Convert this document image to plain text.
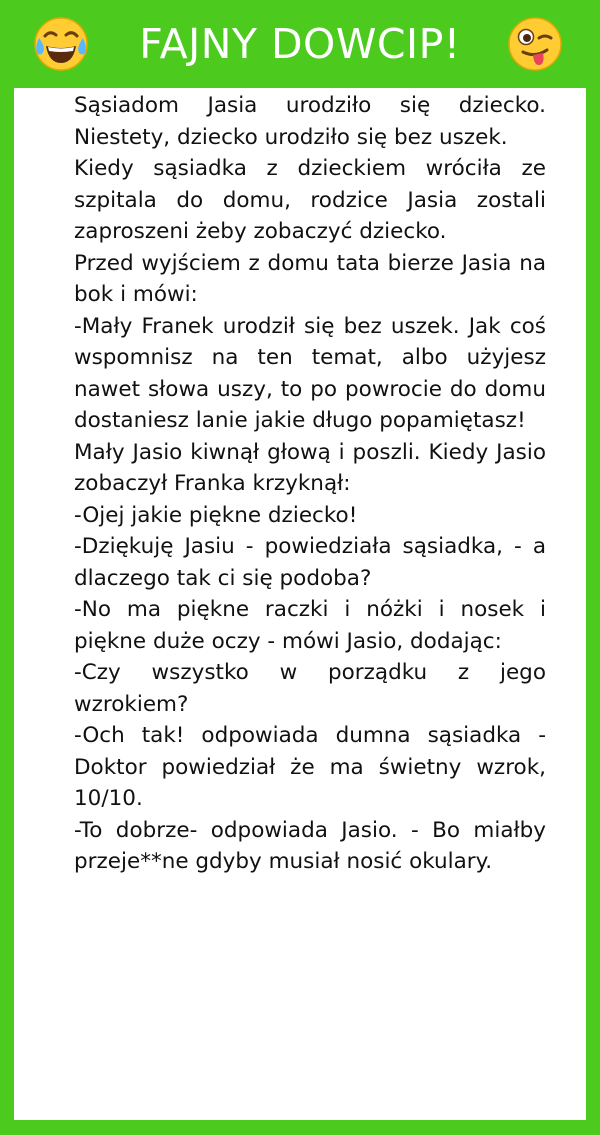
FAJNY DOWCIP!

Sąsiadom Jasia urodziło się dziecko. Niestety, dziecko urodziło się bez uszek.

Kiedy sąsiadka z dzieckiem wróciła ze szpitala do domu, rodzice Jasia zostali zaproszeni żeby zobaczyć dziecko.

Przed wyjściem z domu tata bierze Jasia na bok i mówi:

-Mały Franek urodził się bez uszek. Jak coś wspomnisz na ten temat, albo użyjesz nawet słowa uszy, to po powrocie do domu dostaniesz lanie jakie długo popamiętasz!

Mały Jasio kiwnął głową i poszli. Kiedy Jasio zobaczył Franka krzyknął:

-Ojej jakie piękne dziecko!

-Dziękuję Jasiu - powiedziała sąsiadka, - a dlaczego tak ci się podoba?

-No ma piękne raczki i nóżki i nosek i piękne duże oczy - mówi Jasio, dodając:

-Czy wszystko w porządku z jego wzrokiem?

-Och tak! odpowiada dumna sąsiadka - Doktor powiedział że ma świetny wzrok, 10/10.

-To dobrze- odpowiada Jasio. - Bo miałby przeje**ne gdyby musiał nosić okulary.
